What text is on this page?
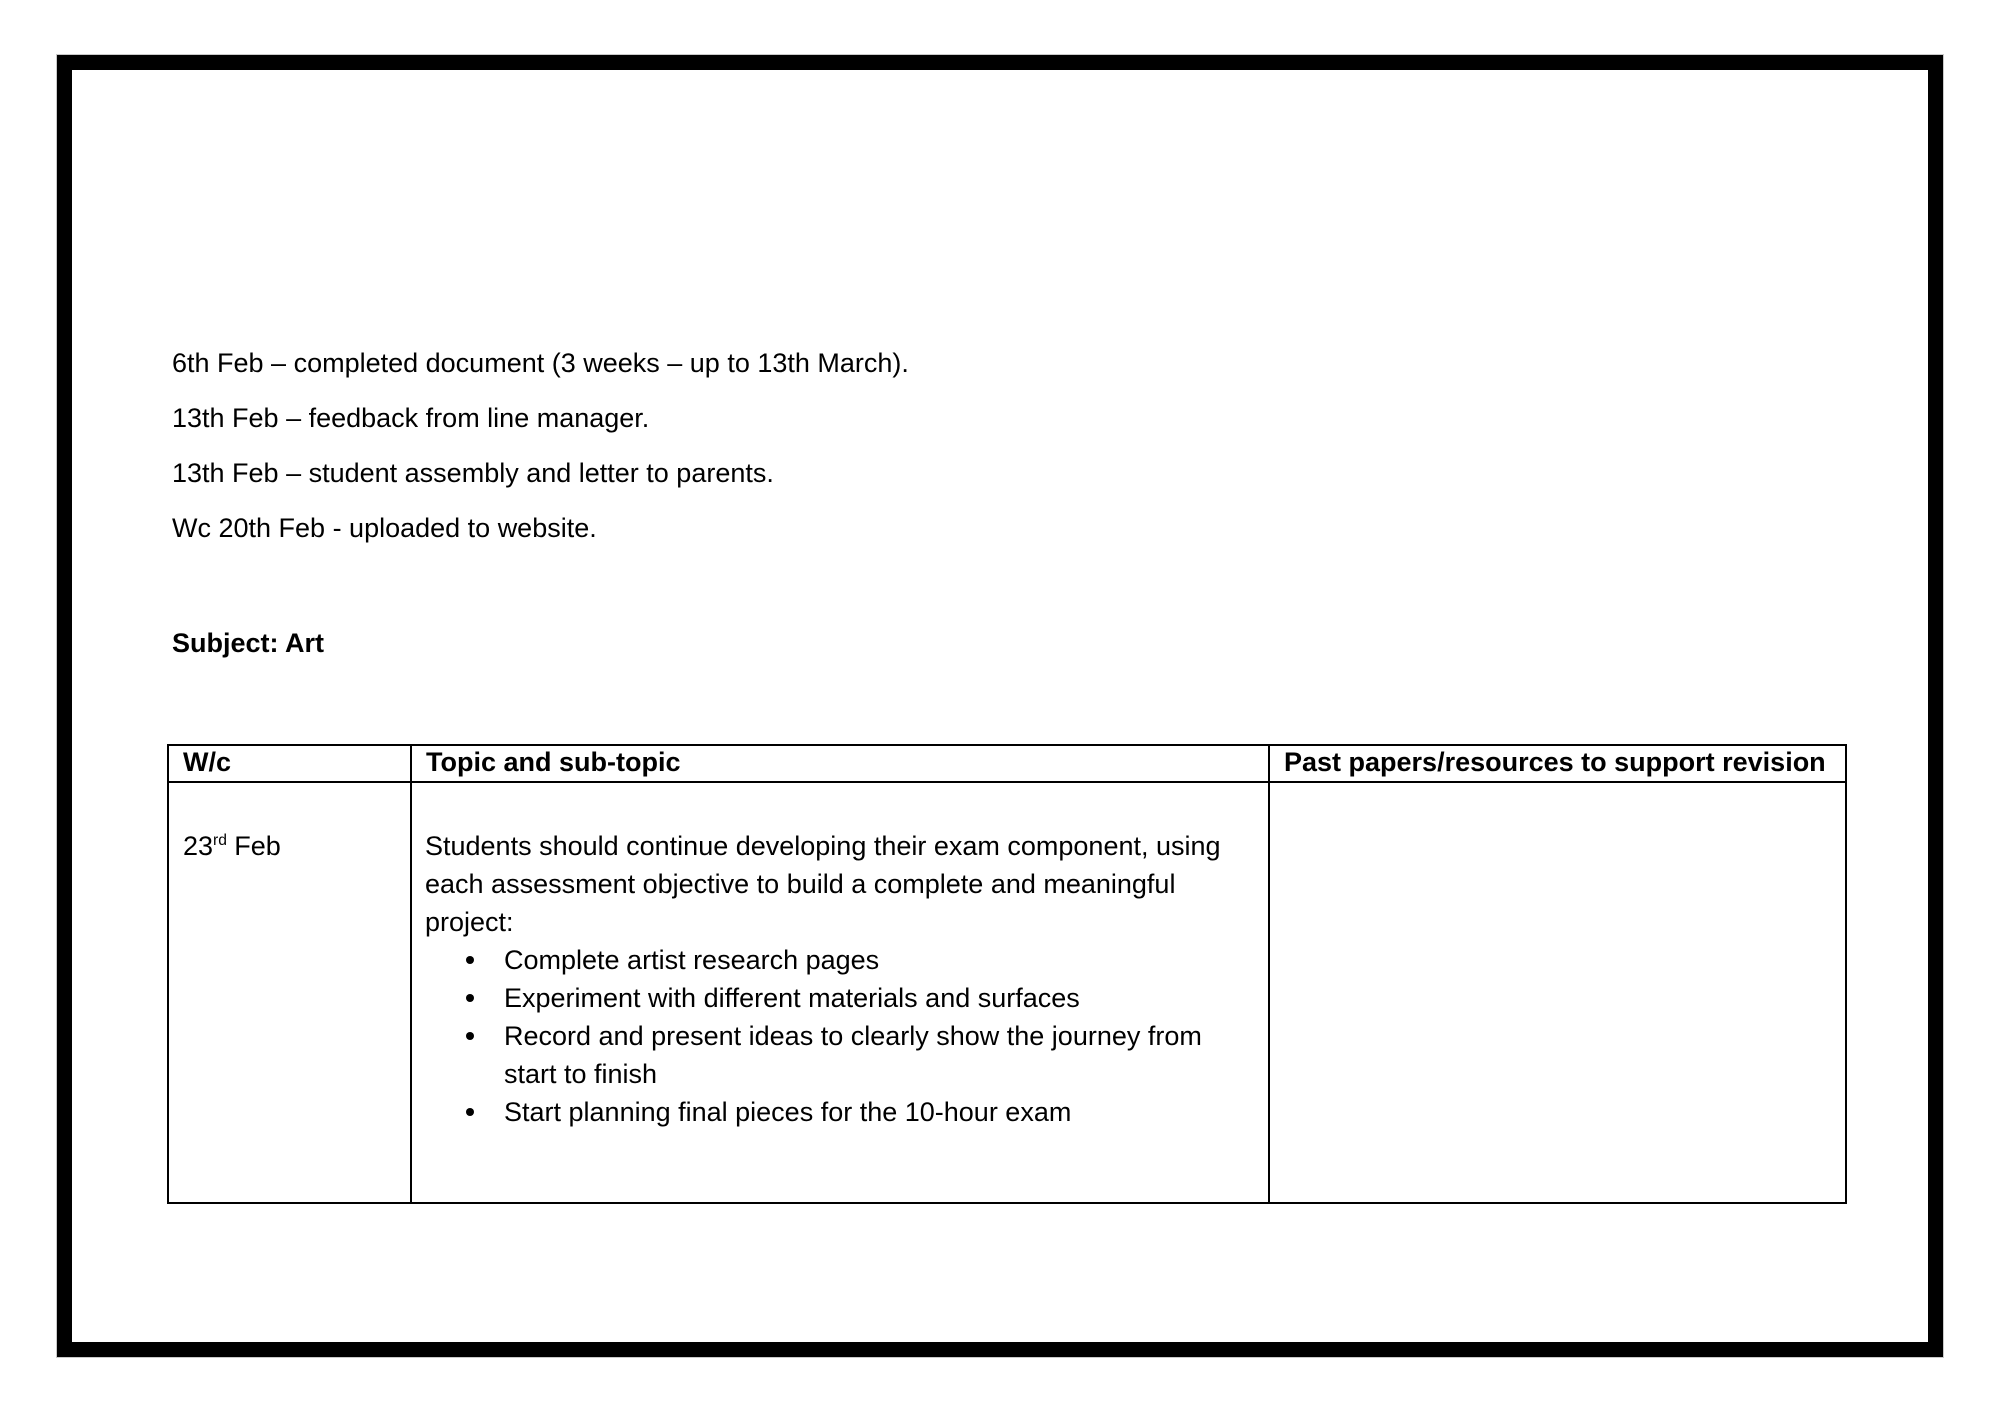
6th Feb – completed document (3 weeks – up to 13th March).

13th Feb – feedback from line manager.

13th Feb – student assembly and letter to parents.

Wc 20th Feb - uploaded to website.

Subject: Art
W/c	Topic and sub-topic	Past papers/resources to support revision
23rd Feb	Students should continue developing their exam component, using
each assessment objective to build a complete and meaningful
project:
Complete artist research pages
Experiment with different materials and surfaces
Record and present ideas to clearly show the journey from
start to finish
Start planning final pieces for the 10-hour exam
